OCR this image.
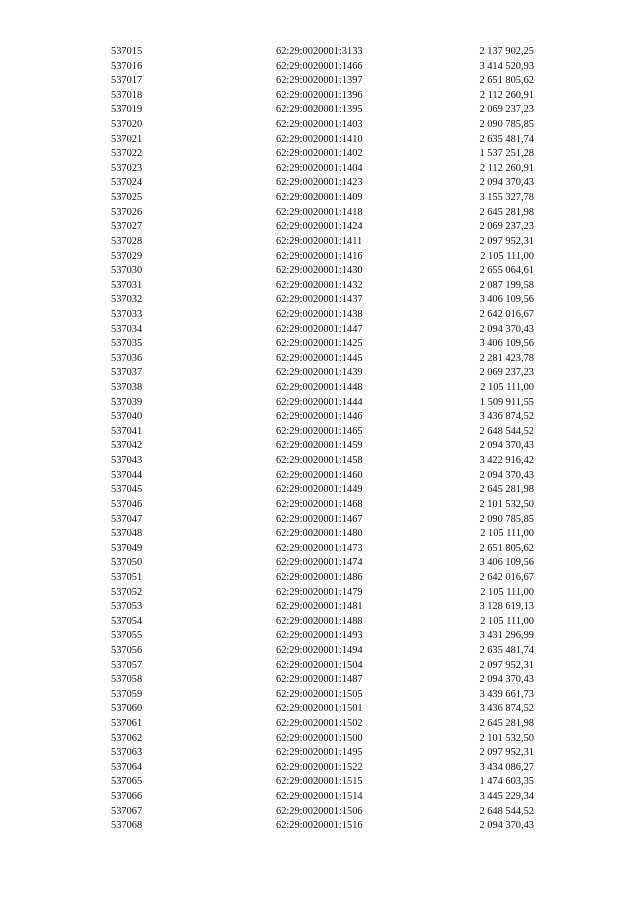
537015	62:29:0020001:3133	2 137 902,25
537016	62:29:0020001:1466	3 414 520,93
537017	62:29:0020001:1397	2 651 805,62
537018	62:29:0020001:1396	2 112 260,91
537019	62:29:0020001:1395	2 069 237,23
537020	62:29:0020001:1403	2 090 785,85
537021	62:29:0020001:1410	2 635 481,74
537022	62:29:0020001:1402	1 537 251,28
537023	62:29:0020001:1404	2 112 260,91
537024	62:29:0020001:1423	2 094 370,43
537025	62:29:0020001:1409	3 155 327,78
537026	62:29:0020001:1418	2 645 281,98
537027	62:29:0020001:1424	2 069 237,23
537028	62:29:0020001:1411	2 097 952,31
537029	62:29:0020001:1416	2 105 111,00
537030	62:29:0020001:1430	2 655 064,61
537031	62:29:0020001:1432	2 087 199,58
537032	62:29:0020001:1437	3 406 109,56
537033	62:29:0020001:1438	2 642 016,67
537034	62:29:0020001:1447	2 094 370,43
537035	62:29:0020001:1425	3 406 109,56
537036	62:29:0020001:1445	2 281 423,78
537037	62:29:0020001:1439	2 069 237,23
537038	62:29:0020001:1448	2 105 111,00
537039	62:29:0020001:1444	1 509 911,55
537040	62:29:0020001:1446	3 436 874,52
537041	62:29:0020001:1465	2 648 544,52
537042	62:29:0020001:1459	2 094 370,43
537043	62:29:0020001:1458	3 422 916,42
537044	62:29:0020001:1460	2 094 370,43
537045	62:29:0020001:1449	2 645 281,98
537046	62:29:0020001:1468	2 101 532,50
537047	62:29:0020001:1467	2 090 785,85
537048	62:29:0020001:1480	2 105 111,00
537049	62:29:0020001:1473	2 651 805,62
537050	62:29:0020001:1474	3 406 109,56
537051	62:29:0020001:1486	2 642 016,67
537052	62:29:0020001:1479	2 105 111,00
537053	62:29:0020001:1481	3 128 619,13
537054	62:29:0020001:1488	2 105 111,00
537055	62:29:0020001:1493	3 431 296,99
537056	62:29:0020001:1494	2 635 481,74
537057	62:29:0020001:1504	2 097 952,31
537058	62:29:0020001:1487	2 094 370,43
537059	62:29:0020001:1505	3 439 661,73
537060	62:29:0020001:1501	3 436 874,52
537061	62:29:0020001:1502	2 645 281,98
537062	62:29:0020001:1500	2 101 532,50
537063	62:29:0020001:1495	2 097 952,31
537064	62:29:0020001:1522	3 434 086,27
537065	62:29:0020001:1515	1 474 603,35
537066	62:29:0020001:1514	3 445 229,34
537067	62:29:0020001:1506	2 648 544,52
537068	62:29:0020001:1516	2 094 370,43
